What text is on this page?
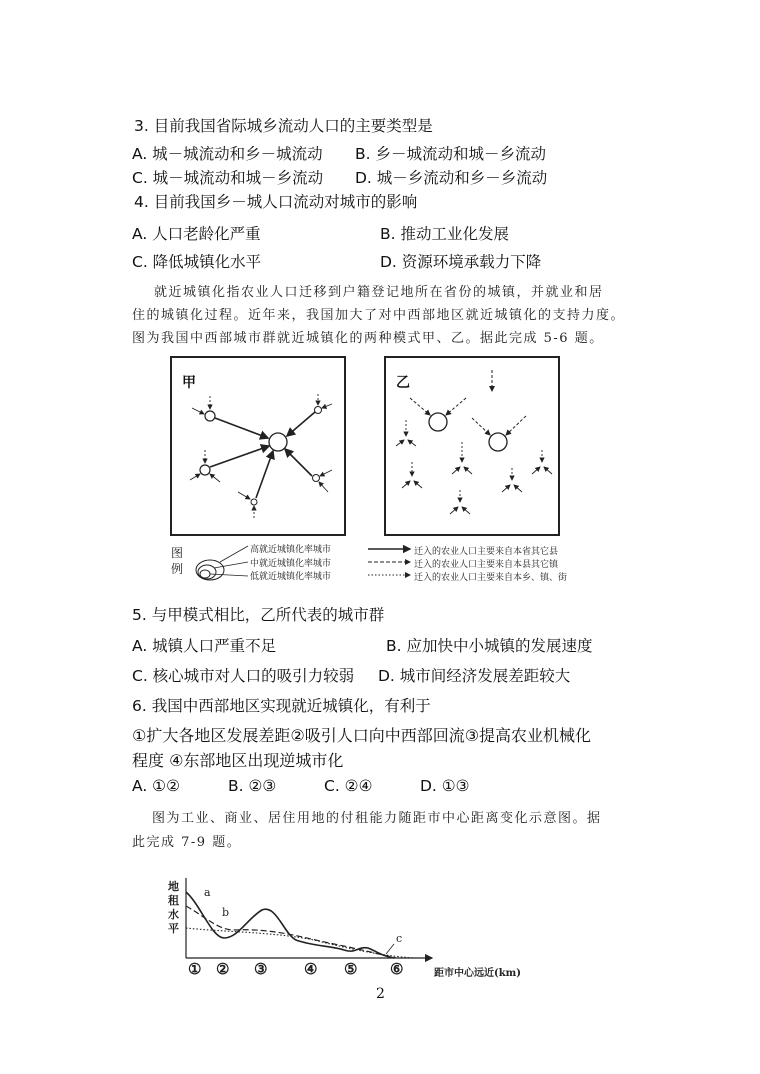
3. 目前我国省际城乡流动人口的主要类型是
A. 城－城流动和乡－城流动 B. 乡－城流动和城－乡流动
C. 城－城流动和城－乡流动 D. 城－乡流动和乡－乡流动
4. 目前我国乡－城人口流动对城市的影响
A. 人口老龄化严重	B. 推动工业化发展
C. 降低城镇化水平	D. 资源环境承载力下降
就近城镇化指农业人口迁移到户籍登记地所在省份的城镇，并就业和居
住的城镇化过程。近年来，我国加大了对中西部地区就近城镇化的支持力度。
图为我国中西部城市群就近城镇化的两种模式甲、乙。据此完成 5-6 题。
甲	乙
图
例
高就近城镇化率城市
中就近城镇化率城市
低就近城镇化率城市
迁入的农业人口主要来自本省其它县
迁入的农业人口主要来自本县其它镇
迁入的农业人口主要来自本乡、镇、街
5. 与甲模式相比，乙所代表的城市群
A. 城镇人口严重不足	B. 应加快中小城镇的发展速度
C. 核心城市对人口的吸引力较弱 D. 城市间经济发展差距较大
6. 我国中西部地区实现就近城镇化，有利于
①扩大各地区发展差距②吸引人口向中西部回流③提高农业机械化
程度 ④东部地区出现逆城市化
A. ①②	B. ②③	C. ②④	D. ①③
图为工业、商业、居住用地的付租能力随距市中心距离变化示意图。据
此完成 7-9 题。
地
租
水
平
a
b
c
① ② ③ ④ ⑤ ⑥	距市中心远近(km)
2
